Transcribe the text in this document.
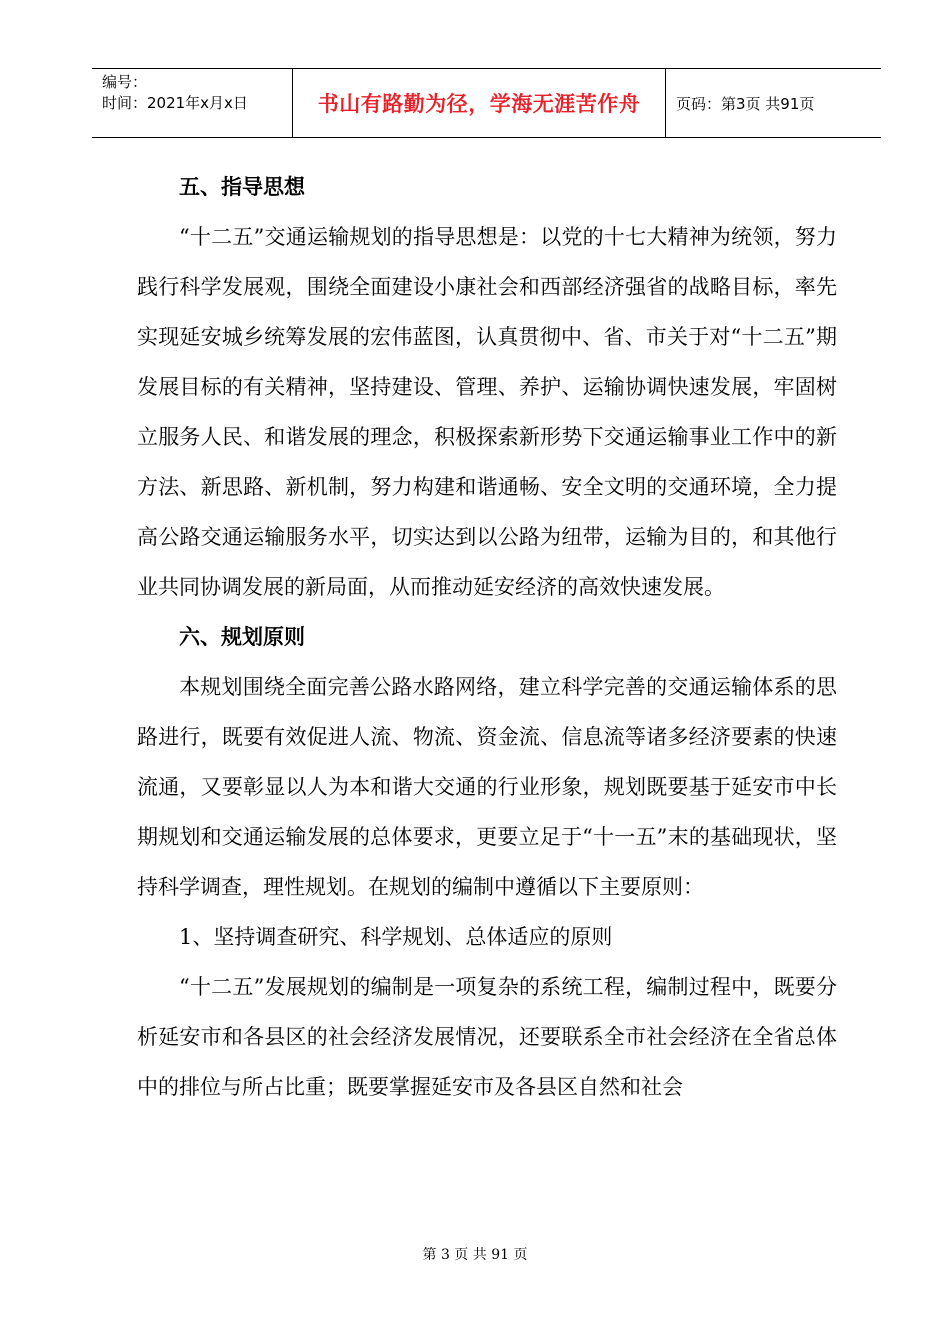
编号：
时间：2021年x月x日	书山有路勤为径，学海无涯苦作舟	页码：第3页 共91页

五、指导思想

“十二五”交通运输规划的指导思想是：以党的十七大精神为统领，努力践行科学发展观，围绕全面建设小康社会和西部经济强省的战略目标，率先实现延安城乡统筹发展的宏伟蓝图，认真贯彻中、省、市关于对“十二五”期发展目标的有关精神，坚持建设、管理、养护、运输协调快速发展，牢固树立服务人民、和谐发展的理念，积极探索新形势下交通运输事业工作中的新方法、新思路、新机制，努力构建和谐通畅、安全文明的交通环境，全力提高公路交通运输服务水平，切实达到以公路为纽带，运输为目的，和其他行业共同协调发展的新局面，从而推动延安经济的高效快速发展。

六、规划原则

本规划围绕全面完善公路水路网络，建立科学完善的交通运输体系的思路进行，既要有效促进人流、物流、资金流、信息流等诸多经济要素的快速流通，又要彰显以人为本和谐大交通的行业形象，规划既要基于延安市中长期规划和交通运输发展的总体要求，更要立足于“十一五”末的基础现状，坚持科学调查，理性规划。在规划的编制中遵循以下主要原则：

1、坚持调查研究、科学规划、总体适应的原则

“十二五”发展规划的编制是一项复杂的系统工程，编制过程中，既要分析延安市和各县区的社会经济发展情况，还要联系全市社会经济在全省总体中的排位与所占比重；既要掌握延安市及各县区自然和社会

第 3 页 共 91 页
